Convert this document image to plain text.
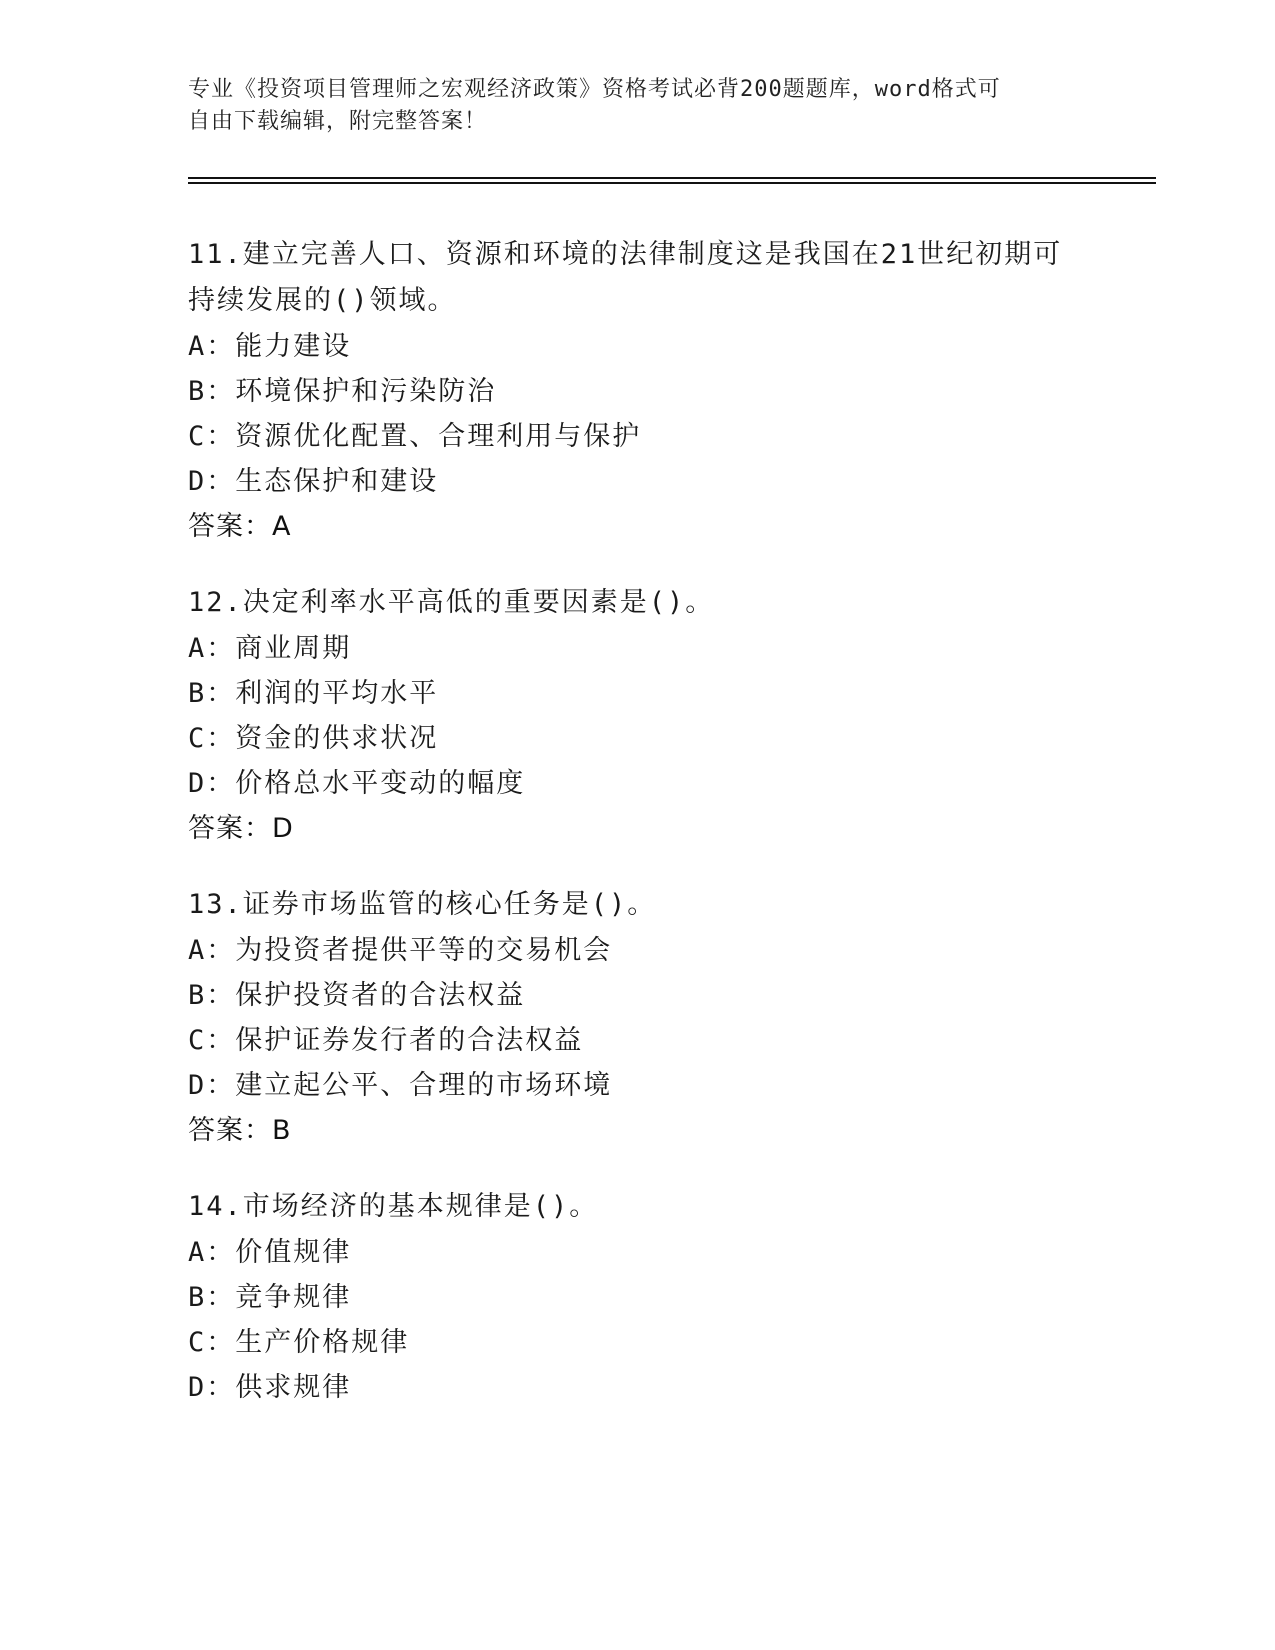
专业《投资项目管理师之宏观经济政策》资格考试必背200题题库，word格式可

自由下载编辑，附完整答案！

11.建立完善人口、资源和环境的法律制度这是我国在21世纪初期可

持续发展的()领域。

A：能力建设

B：环境保护和污染防治

C：资源优化配置、合理利用与保护

D：生态保护和建设

答案：A

12.决定利率水平高低的重要因素是()。

A：商业周期

B：利润的平均水平

C：资金的供求状况

D：价格总水平变动的幅度

答案：D

13.证券市场监管的核心任务是()。

A：为投资者提供平等的交易机会

B：保护投资者的合法权益

C：保护证券发行者的合法权益

D：建立起公平、合理的市场环境

答案：B

14.市场经济的基本规律是()。

A：价值规律

B：竞争规律

C：生产价格规律

D：供求规律
